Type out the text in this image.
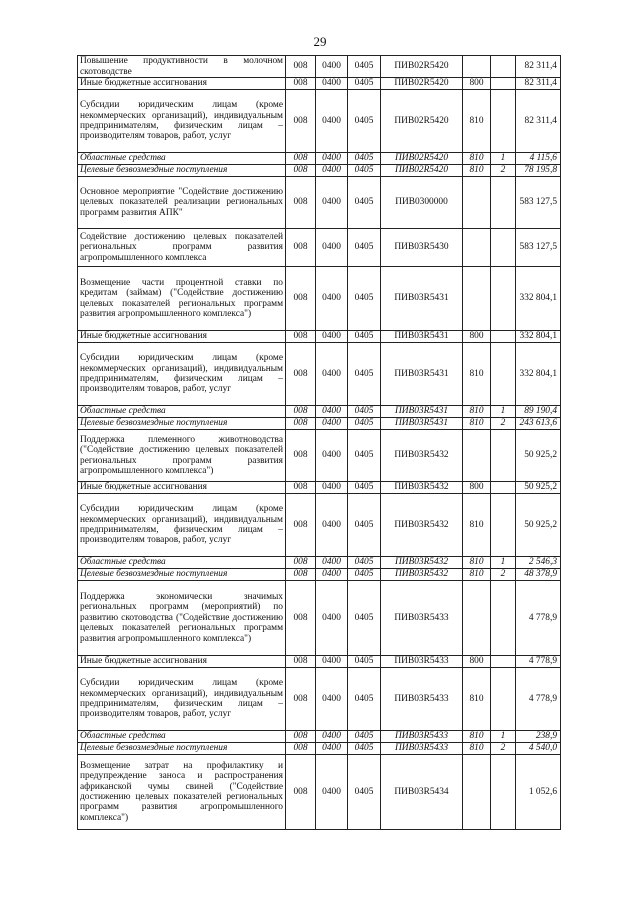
29
Повышение продуктивности в молочном скотоводстве	008	0400	0405	ПИВ02R5420			82 311,4
Иные бюджетные ассигнования	008	0400	0405	ПИВ02R5420	800		82 311,4
Субсидии юридическим лицам (кроме некоммерческих организаций), индивидуальным предпринимателям, физическим лицам – производителям товаров, работ, услуг	008	0400	0405	ПИВ02R5420	810		82 311,4
Областные средства	008	0400	0405	ПИВ02R5420	810	1	4 115,6
Целевые безвозмездные поступления	008	0400	0405	ПИВ02R5420	810	2	78 195,8
Основное мероприятие "Содействие достижению целевых показателей реализации региональных программ развития АПК"	008	0400	0405	ПИВ0300000			583 127,5
Содействие достижению целевых показателей региональных программ развития агропромышленного комплекса	008	0400	0405	ПИВ03R5430			583 127,5
Возмещение части процентной ставки по кредитам (займам) ("Содействие достижению целевых показателей региональных программ развития агропромышленного комплекса")	008	0400	0405	ПИВ03R5431			332 804,1
Иные бюджетные ассигнования	008	0400	0405	ПИВ03R5431	800		332 804,1
Субсидии юридическим лицам (кроме некоммерческих организаций), индивидуальным предпринимателям, физическим лицам – производителям товаров, работ, услуг	008	0400	0405	ПИВ03R5431	810		332 804,1
Областные средства	008	0400	0405	ПИВ03R5431	810	1	89 190,4
Целевые безвозмездные поступления	008	0400	0405	ПИВ03R5431	810	2	243 613,6
Поддержка племенного животноводства ("Содействие достижению целевых показателей региональных программ развития агропромышленного комплекса")	008	0400	0405	ПИВ03R5432			50 925,2
Иные бюджетные ассигнования	008	0400	0405	ПИВ03R5432	800		50 925,2
Субсидии юридическим лицам (кроме некоммерческих организаций), индивидуальным предпринимателям, физическим лицам – производителям товаров, работ, услуг	008	0400	0405	ПИВ03R5432	810		50 925,2
Областные средства	008	0400	0405	ПИВ03R5432	810	1	2 546,3
Целевые безвозмездные поступления	008	0400	0405	ПИВ03R5432	810	2	48 378,9
Поддержка экономически значимых региональных программ (мероприятий) по развитию скотоводства ("Содействие достижению целевых показателей региональных программ развития агропромышленного комплекса")	008	0400	0405	ПИВ03R5433			4 778,9
Иные бюджетные ассигнования	008	0400	0405	ПИВ03R5433	800		4 778,9
Субсидии юридическим лицам (кроме некоммерческих организаций), индивидуальным предпринимателям, физическим лицам – производителям товаров, работ, услуг	008	0400	0405	ПИВ03R5433	810		4 778,9
Областные средства	008	0400	0405	ПИВ03R5433	810	1	238,9
Целевые безвозмездные поступления	008	0400	0405	ПИВ03R5433	810	2	4 540,0
Возмещение затрат на профилактику и предупреждение заноса и распространения африканской чумы свиней ("Содействие достижению целевых показателей региональных программ развития агропромышленного комплекса")	008	0400	0405	ПИВ03R5434			1 052,6
